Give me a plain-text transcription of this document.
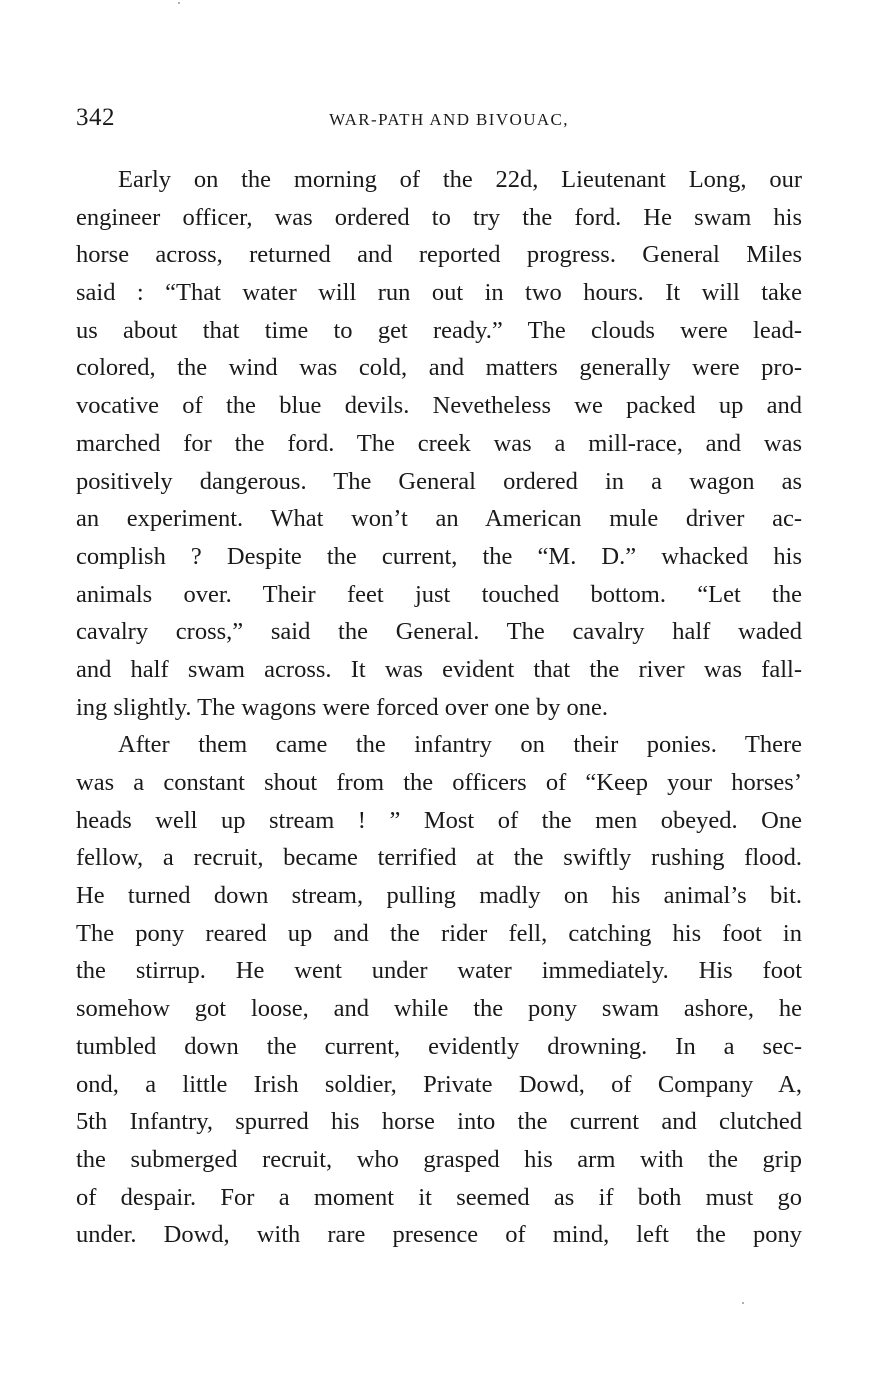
342	WAR-PATH AND BIVOUAC,
Early on the morning of the 22d, Lieutenant Long, our
engineer officer, was ordered to try the ford. He swam his
horse across, returned and reported progress. General Miles
said : “That water will run out in two hours. It will take
us about that time to get ready.” The clouds were lead-
colored, the wind was cold, and matters generally were pro-
vocative of the blue devils. Nevetheless we packed up and
marched for the ford. The creek was a mill-race, and was
positively dangerous. The General ordered in a wagon as
an experiment. What won’t an American mule driver ac-
complish ? Despite the current, the “M. D.” whacked his
animals over. Their feet just touched bottom. “Let the
cavalry cross,” said the General. The cavalry half waded
and half swam across. It was evident that the river was fall-
ing slightly. The wagons were forced over one by one.
After them came the infantry on their ponies. There
was a constant shout from the officers of “Keep your horses’
heads well up stream ! ” Most of the men obeyed. One
fellow, a recruit, became terrified at the swiftly rushing flood.
He turned down stream, pulling madly on his animal’s bit.
The pony reared up and the rider fell, catching his foot in
the stirrup. He went under water immediately. His foot
somehow got loose, and while the pony swam ashore, he
tumbled down the current, evidently drowning. In a sec-
ond, a little Irish soldier, Private Dowd, of Company A,
5th Infantry, spurred his horse into the current and clutched
the submerged recruit, who grasped his arm with the grip
of despair. For a moment it seemed as if both must go
under. Dowd, with rare presence of mind, left the pony
